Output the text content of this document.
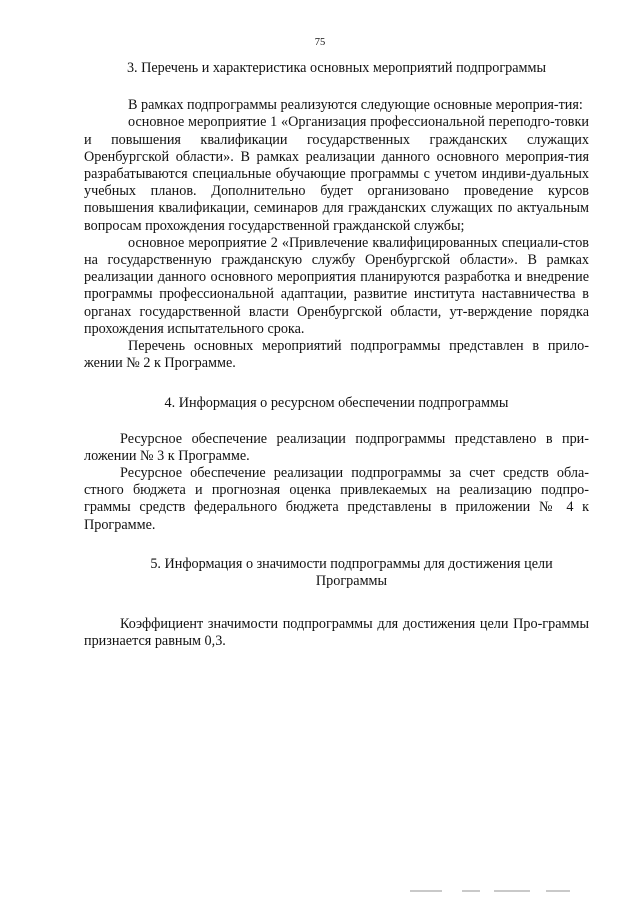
75
3. Перечень и характеристика основных мероприятий подпрограммы

В рамках подпрограммы реализуются следующие основные мероприя-тия:

основное мероприятие 1 «Организация профессиональной переподго-товки и повышения квалификации государственных гражданских служащих Оренбургской области». В рамках реализации данного основного мероприя-тия разрабатываются специальные обучающие программы с учетом индиви-дуальных учебных планов. Дополнительно будет организовано проведение курсов повышения квалификации, семинаров для гражданских служащих по актуальным вопросам прохождения государственной гражданской службы;

основное мероприятие 2 «Привлечение квалифицированных специали-стов на государственную гражданскую службу Оренбургской области». В рамках реализации данного основного мероприятия планируются разработка и внедрение программы профессиональной адаптации, развитие института наставничества в органах государственной власти Оренбургской области, ут-верждение порядка прохождения испытательного срока.

Перечень основных мероприятий подпрограммы представлен в прило-жении № 2 к Программе.

4. Информация о ресурсном обеспечении подпрограммы

Ресурсное обеспечение реализации подпрограммы представлено в при-ложении № 3 к Программе.

Ресурсное обеспечение реализации подпрограммы за счет средств обла-стного бюджета и прогнозная оценка привлекаемых на реализацию подпро-граммы средств федерального бюджета представлены в приложении № 4 к Программе.

5. Информация о значимости подпрограммы для достижения цели
Программы

Коэффициент значимости подпрограммы для достижения цели Про-граммы признается равным 0,3.
